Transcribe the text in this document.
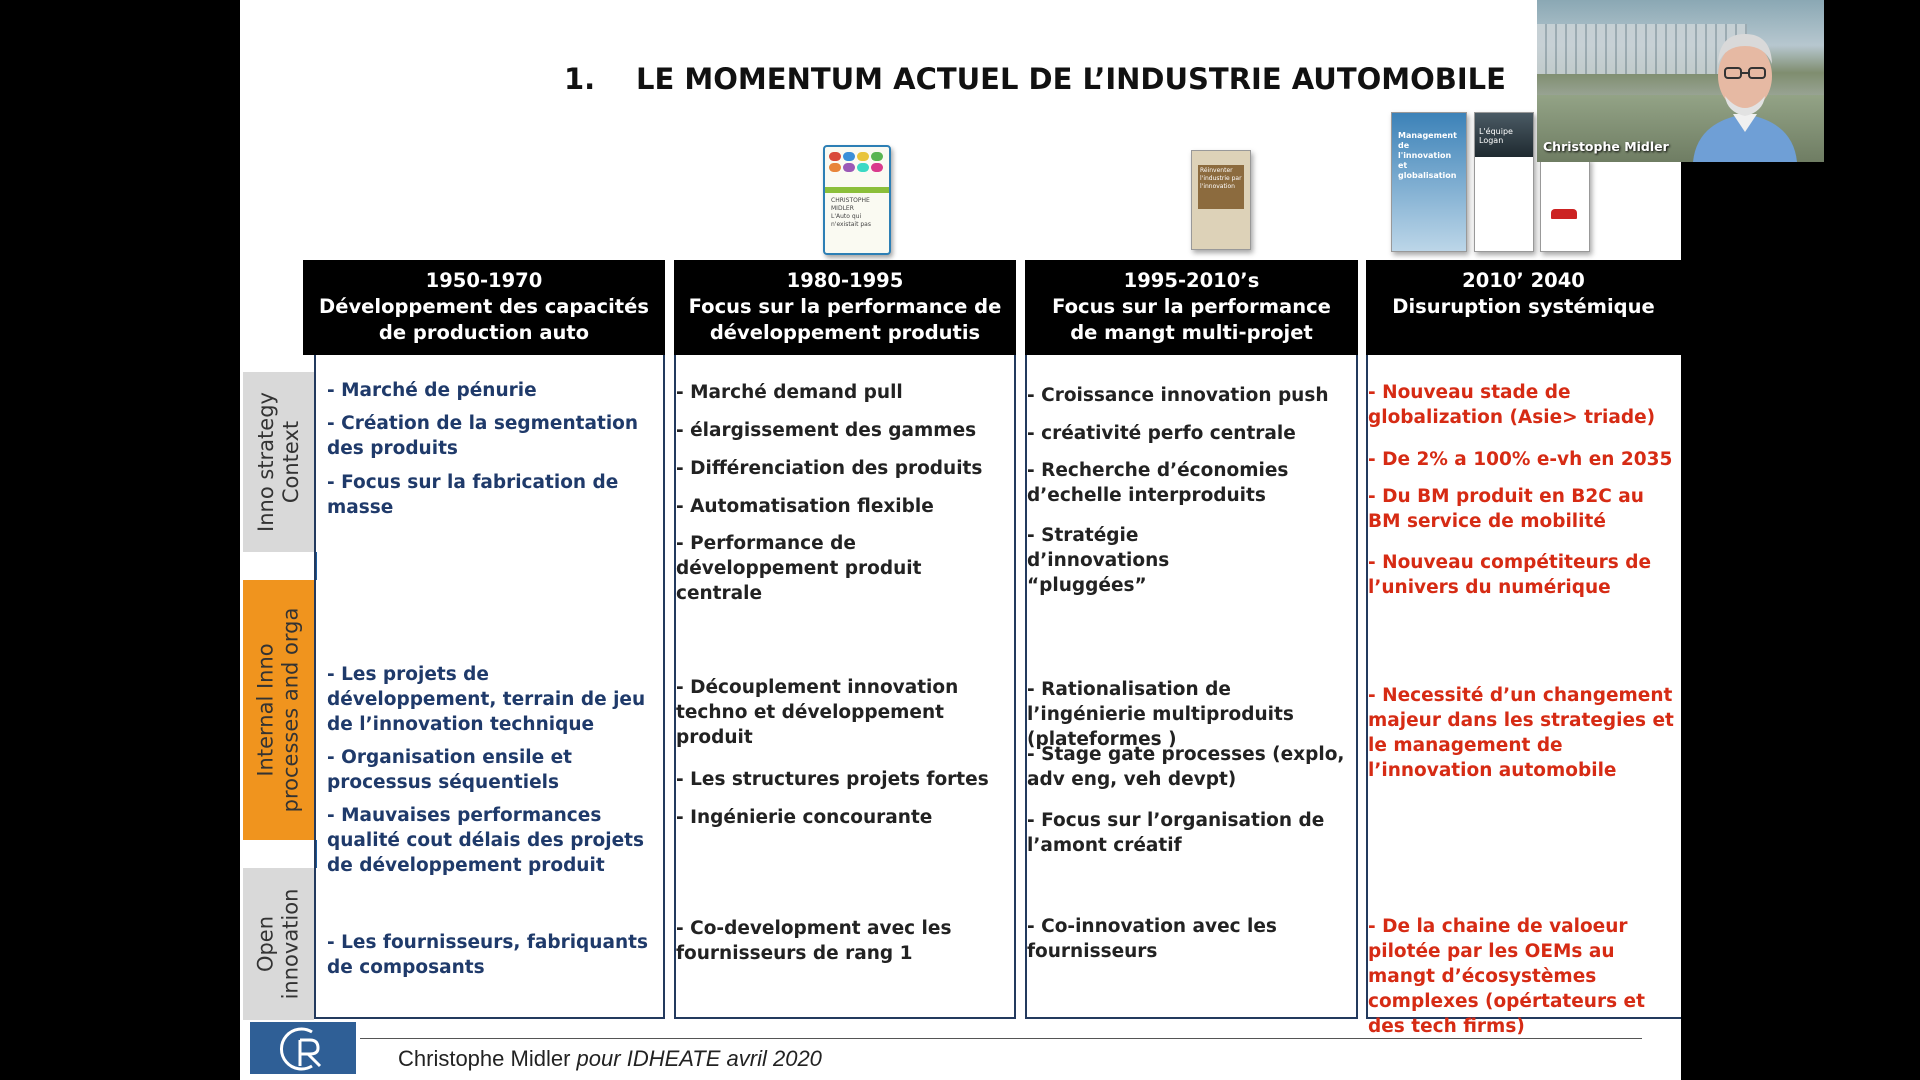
1. LE MOMENTUM ACTUEL DE L’INDUSTRIE AUTOMOBILE
CHRISTOPHE MIDLER
L'Auto qui n'existait pas
Réinventer l'industrie par l'innovation
Management de l'innovation et globalisation
L'équipe Logan
Inno strategy Context
Internal Inno processes and orga
Open innovation
1950-1970
Développement des capacités
de production auto
1980-1995
Focus sur la performance de
développement produtis
1995-2010’s
Focus sur la performance
de mangt multi-projet
2010’ 2040
Disuruption systémique

- Marché de pénurie

- Création de la segmentation des produits

- Focus sur la fabrication de masse

- Les projets de développement, terrain de jeu de l’innovation technique

- Organisation ensile et processus séquentiels

- Mauvaises performances qualité cout délais des projets de développement produit

- Les fournisseurs, fabriquants de composants

- Marché demand pull

- élargissement des gammes

- Différenciation des produits

- Automatisation flexible

- Performance de développement produit centrale

- Découplement innovation techno et développement produit

- Les structures projets fortes

- Ingénierie concourante

- Co-development avec les fournisseurs de rang 1

- Croissance innovation push

- créativité perfo centrale

- Recherche d’économies d’echelle interproduits

- Stratégie d’innovations “pluggées”

- Rationalisation de l’ingénierie multiproduits (plateformes )

- Stage gate processes (explo, adv eng, veh devpt)

- Focus sur l’organisation de l’amont créatif

- Co-innovation avec les fournisseurs

- Nouveau stade de globalization (Asie> triade)

- De 2% a 100% e-vh en 2035

- Du BM produit en B2C au BM service de mobilité

- Nouveau compétiteurs de l’univers du numérique

- Necessité d’un changement majeur dans les strategies et le management de l’innovation automobile

- De la chaine de valoeur pilotée par les OEMs au mangt d’écosystèmes complexes (opértateurs et des tech firms)

Christophe Midler pour IDHEATE avril 2020
Christophe Midler
